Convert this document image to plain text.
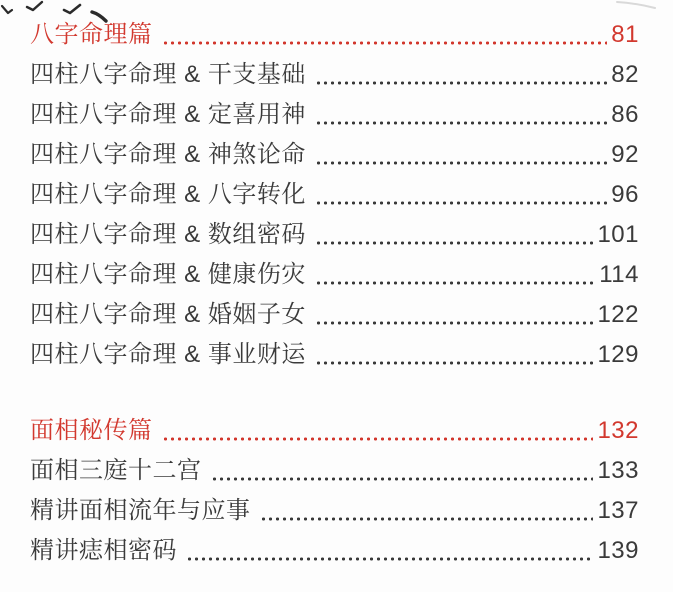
八字命理篇	81
四柱八字命理 & 干支基础	82
四柱八字命理 & 定喜用神	86
四柱八字命理 & 神煞论命	92
四柱八字命理 & 八字转化	96
四柱八字命理 & 数组密码	101
四柱八字命理 & 健康伤灾	114
四柱八字命理 & 婚姻子女	122
四柱八字命理 & 事业财运	129
面相秘传篇	132
面相三庭十二宫	133
精讲面相流年与应事	137
精讲痣相密码	139
